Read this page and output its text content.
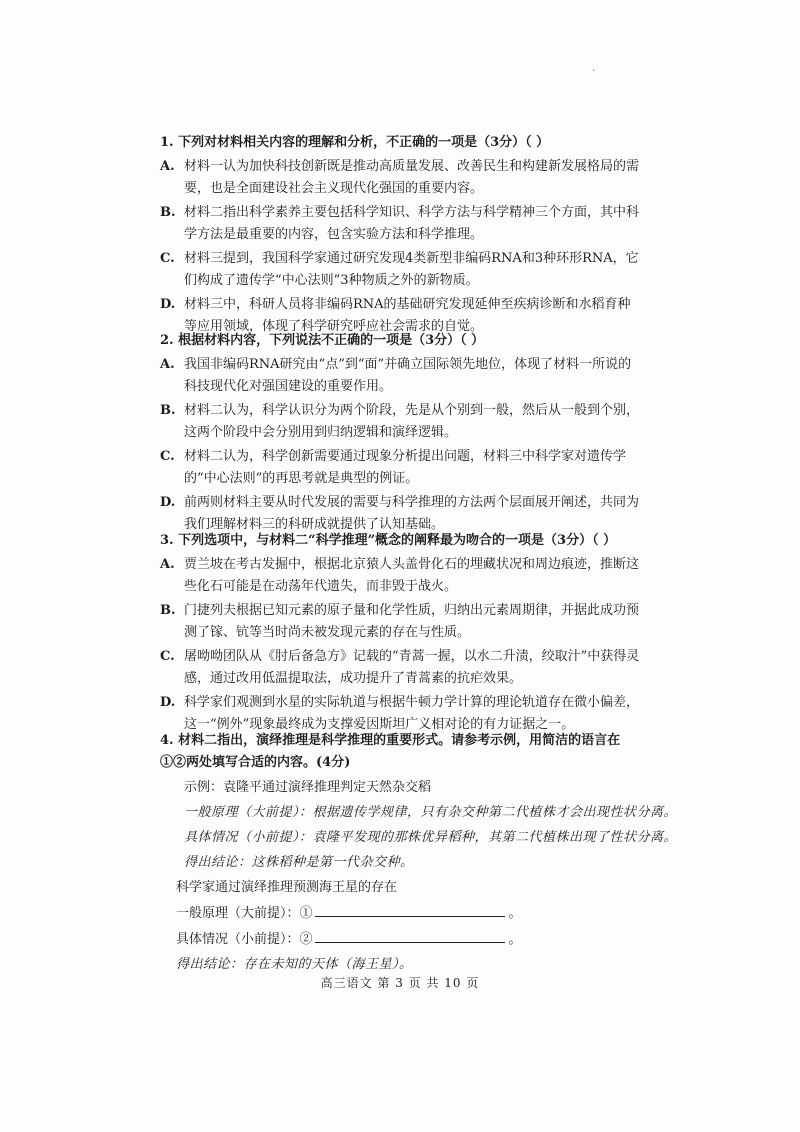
·
1. 下列对材料相关内容的理解和分析，不正确的一项是（3分）（ ）
A. 材料一认为加快科技创新既是推动高质量发展、改善民生和构建新发展格局的需要，也是全面建设社会主义现代化强国的重要内容。
B. 材料二指出科学素养主要包括科学知识、科学方法与科学精神三个方面，其中科学方法是最重要的内容，包含实验方法和科学推理。
C. 材料三提到，我国科学家通过研究发现4类新型非编码RNA和3种环形RNA，它们构成了遗传学“中心法则”3种物质之外的新物质。
D. 材料三中，科研人员将非编码RNA的基础研究发现延伸至疾病诊断和水稻育种等应用领域，体现了科学研究呼应社会需求的自觉。
2. 根据材料内容，下列说法不正确的一项是（3分）（ ）
A. 我国非编码RNA研究由“点”到“面”并确立国际领先地位，体现了材料一所说的科技现代化对强国建设的重要作用。
B. 材料二认为，科学认识分为两个阶段，先是从个别到一般，然后从一般到个别，这两个阶段中会分别用到归纳逻辑和演绎逻辑。
C. 材料二认为，科学创新需要通过现象分析提出问题，材料三中科学家对遗传学的“中心法则”的再思考就是典型的例证。
D. 前两则材料主要从时代发展的需要与科学推理的方法两个层面展开阐述，共同为我们理解材料三的科研成就提供了认知基础。
3. 下列选项中，与材料二“科学推理”概念的阐释最为吻合的一项是（3分）（ ）
A. 贾兰坡在考古发掘中，根据北京猿人头盖骨化石的埋藏状况和周边痕迹，推断这些化石可能是在动荡年代遗失，而非毁于战火。
B. 门捷列夫根据已知元素的原子量和化学性质，归纳出元素周期律，并据此成功预测了镓、钪等当时尚未被发现元素的存在与性质。
C. 屠呦呦团队从《肘后备急方》记载的“青蒿一握，以水二升渍，绞取汁”中获得灵感，通过改用低温提取法，成功提升了青蒿素的抗疟效果。
D. 科学家们观测到水星的实际轨道与根据牛顿力学计算的理论轨道存在微小偏差，这一“例外”现象最终成为支撑爱因斯坦广义相对论的有力证据之一。
4. 材料二指出，演绎推理是科学推理的重要形式。请参考示例，用简洁的语言在①②两处填写合适的内容。(4分)
示例：袁隆平通过演绎推理判定天然杂交稻
一般原理（大前提）：根据遗传学规律，只有杂交种第二代植株才会出现性状分离。
具体情况（小前提）：袁隆平发现的那株优异稻种，其第二代植株出现了性状分离。
得出结论：这株稻种是第一代杂交种。
科学家通过演绎推理预测海王星的存在
一般原理（大前提）：①	。
具体情况（小前提）：②	。
得出结论：存在未知的天体（海王星）。
高三语文 第 3 页 共 10 页
